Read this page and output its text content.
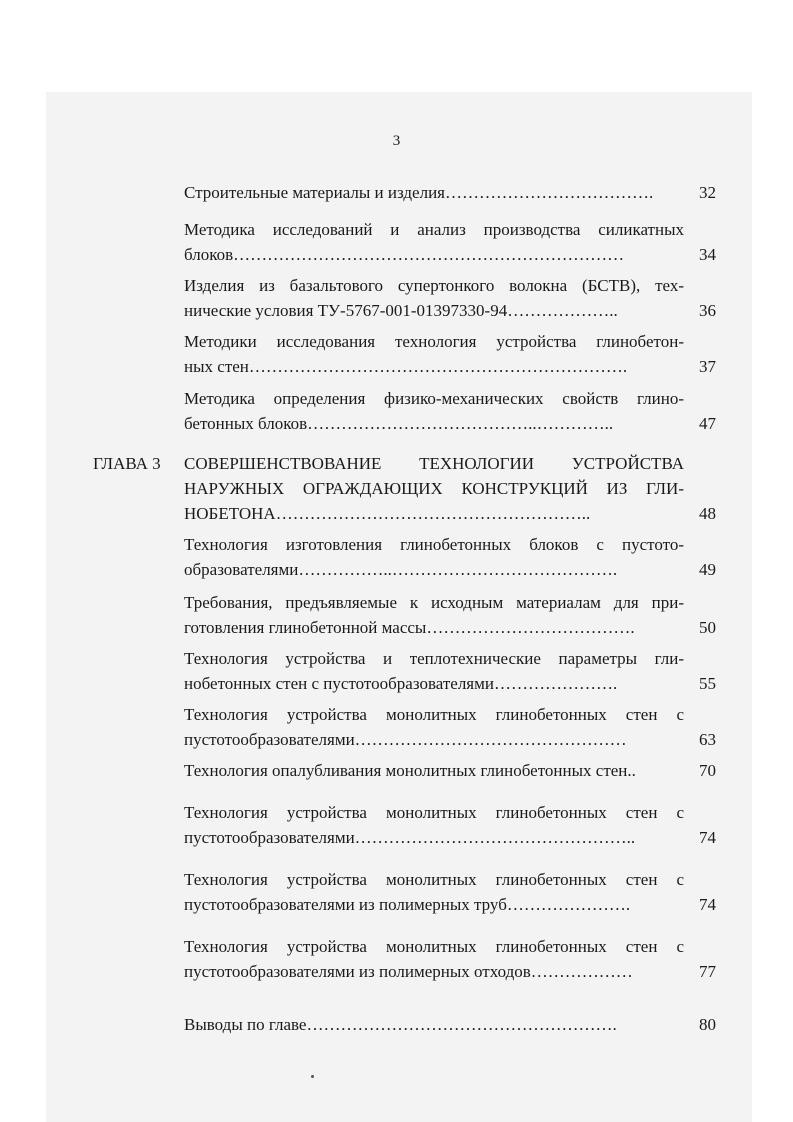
3
Строительные материалы и изделия……………………………….	32
Методика исследований и анализ производства силикатных
блоков……………………………………………………………	34
Изделия из базальтового супертонкого волокна (БСТВ), тех-
нические условия ТУ-5767-001-01397330-94………………..	36
Методики исследования технология устройства глинобетон-
ных стен………………………………………………………….	37
Методика определения физико-механических свойств глино-
бетонных блоков…………………………………..…………..	47
ГЛАВА 3 СОВЕРШЕНСТВОВАНИЕ ТЕХНОЛОГИИ УСТРОЙСТВА
НАРУЖНЫХ ОГРАЖДАЮЩИХ КОНСТРУКЦИЙ ИЗ ГЛИ-
НОБЕТОНА………………………………………………..	48
Технология изготовления глинобетонных блоков с пустото-
образователями……………..………………………………….	49
Требования, предъявляемые к исходным материалам для при-
готовления глинобетонной массы……………………………….	50
Технология устройства и теплотехнические параметры гли-
нобетонных стен с пустотообразователями………………….	55
Технология устройства монолитных глинобетонных стен с
пустотообразователями…………………………………………	63
Технология опалубливания монолитных глинобетонных стен..	70
Технология устройства монолитных глинобетонных стен с
пустотообразователями…………………………………………..	74
Технология устройства монолитных глинобетонных стен с
пустотообразователями из полимерных труб………………….	74
Технология устройства монолитных глинобетонных стен с
пустотообразователями из полимерных отходов………………	77
Выводы по главе……………………………………………….	80
